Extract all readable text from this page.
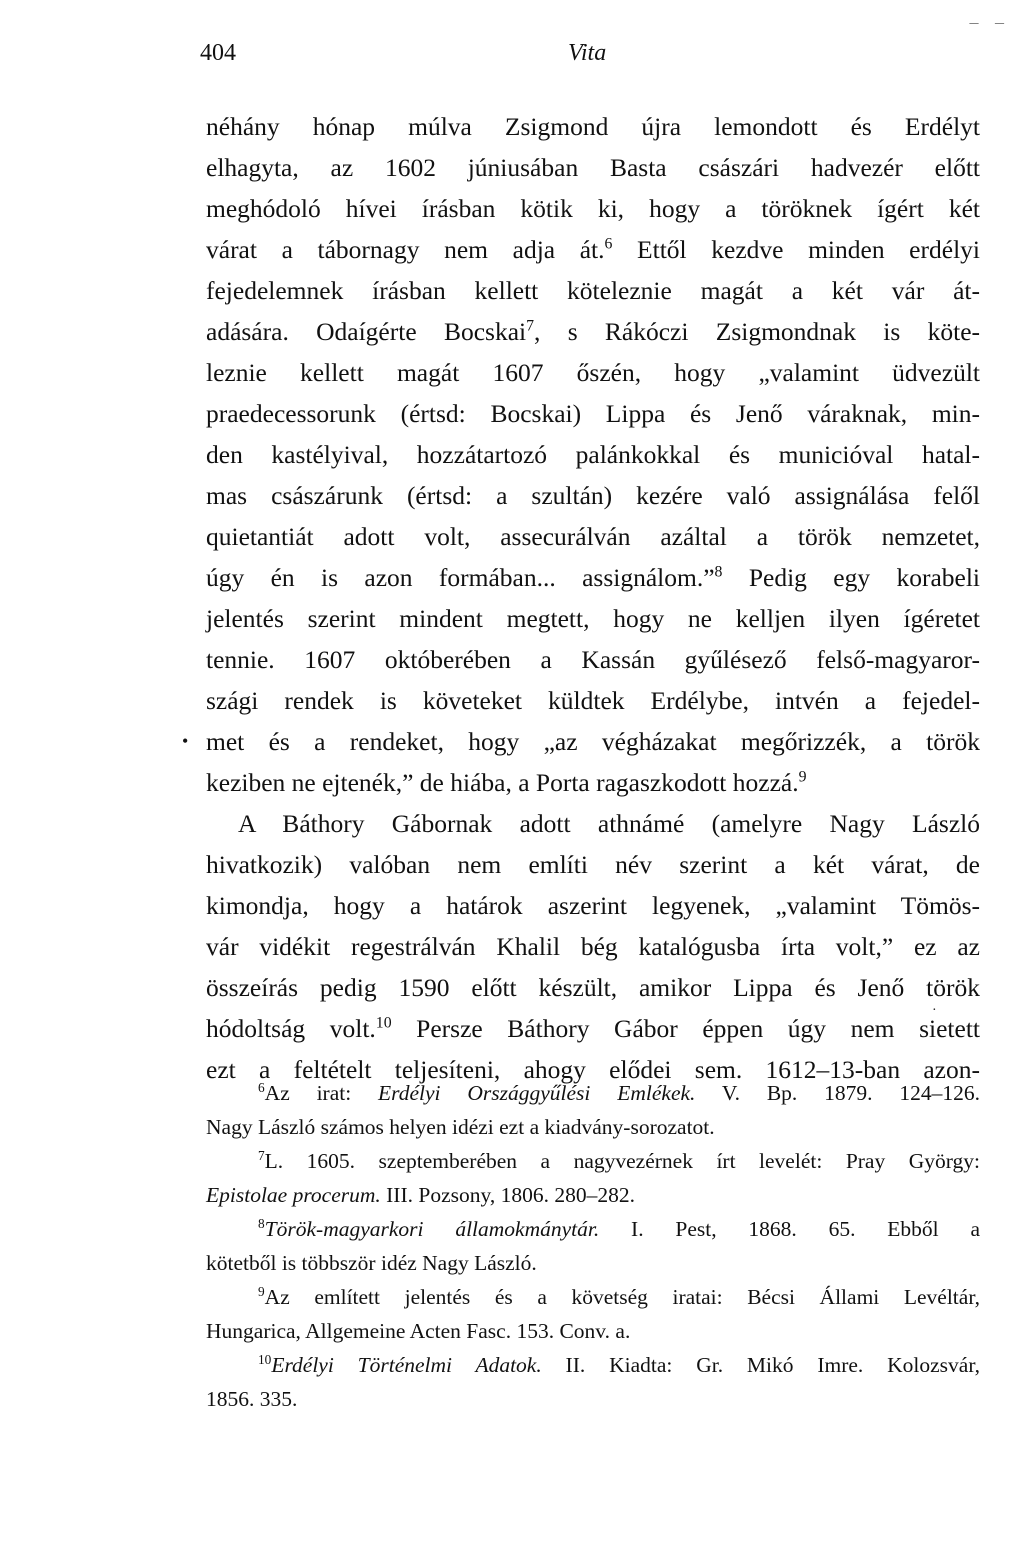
– –
404	Vita
•
·

néhány hónap múlva Zsigmond újra lemondott és Erdélyt

elhagyta, az 1602 júniusában Basta császári hadvezér előtt

meghódoló hívei írásban kötik ki, hogy a töröknek ígért két

várat a tábornagy nem adja át.$^6$ Ettől kezdve minden erdélyi

fejedelemnek írásban kellett köteleznie magát a két vár át-

adására. Odaígérte Bocskai$^7$, s Rákóczi Zsigmondnak is köte-

leznie kellett magát 1607 őszén, hogy „valamint üdvezült

praedecessorunk (értsd: Bocskai) Lippa és Jenő váraknak, min-

den kastélyival, hozzátartozó palánkokkal és municióval hatal-

mas császárunk (értsd: a szultán) kezére való assignálása felől

quietantiát adott volt, assecurálván azáltal a török nemzetet,

úgy én is azon formában... assignálom.”$^8$ Pedig egy korabeli

jelentés szerint mindent megtett, hogy ne kelljen ilyen ígéretet

tennie. 1607 októberében a Kassán gyűlésező felső-magyaror-

szági rendek is követeket küldtek Erdélybe, intvén a fejedel-

met és a rendeket, hogy „az végházakat megőrizzék, a török

keziben ne ejtenék,” de hiába, a Porta ragaszkodott hozzá.$^9$

A Báthory Gábornak adott athnámé (amelyre Nagy László

hivatkozik) valóban nem említi név szerint a két várat, de

kimondja, hogy a határok aszerint legyenek, „valamint Tömös-

vár vidékit regestrálván Khalil bég katalógusba írta volt,” ez az

összeírás pedig 1590 előtt készült, amikor Lippa és Jenő török

hódoltság volt.$^{10}$ Persze Báthory Gábor éppen úgy nem sietett

ezt a feltételt teljesíteni, ahogy elődei sem. 1612–13-ban azon-

$^6$Az irat: Erdélyi Országgyűlési Emlékek. V. Bp. 1879. 124–126.

Nagy László számos helyen idézi ezt a kiadvány-sorozatot.

$^7$L. 1605. szeptemberében a nagyvezérnek írt levelét: Pray György:

Epistolae procerum. III. Pozsony, 1806. 280–282.

$^8$Török-magyarkori államokmánytár. I. Pest, 1868. 65. Ebből a

kötetből is többször idéz Nagy László.

$^9$Az említett jelentés és a követség iratai: Bécsi Állami Levéltár,

Hungarica, Allgemeine Acten Fasc. 153. Conv. a.

$^{10}$Erdélyi Történelmi Adatok. II. Kiadta: Gr. Mikó Imre. Kolozsvár,

1856. 335.
